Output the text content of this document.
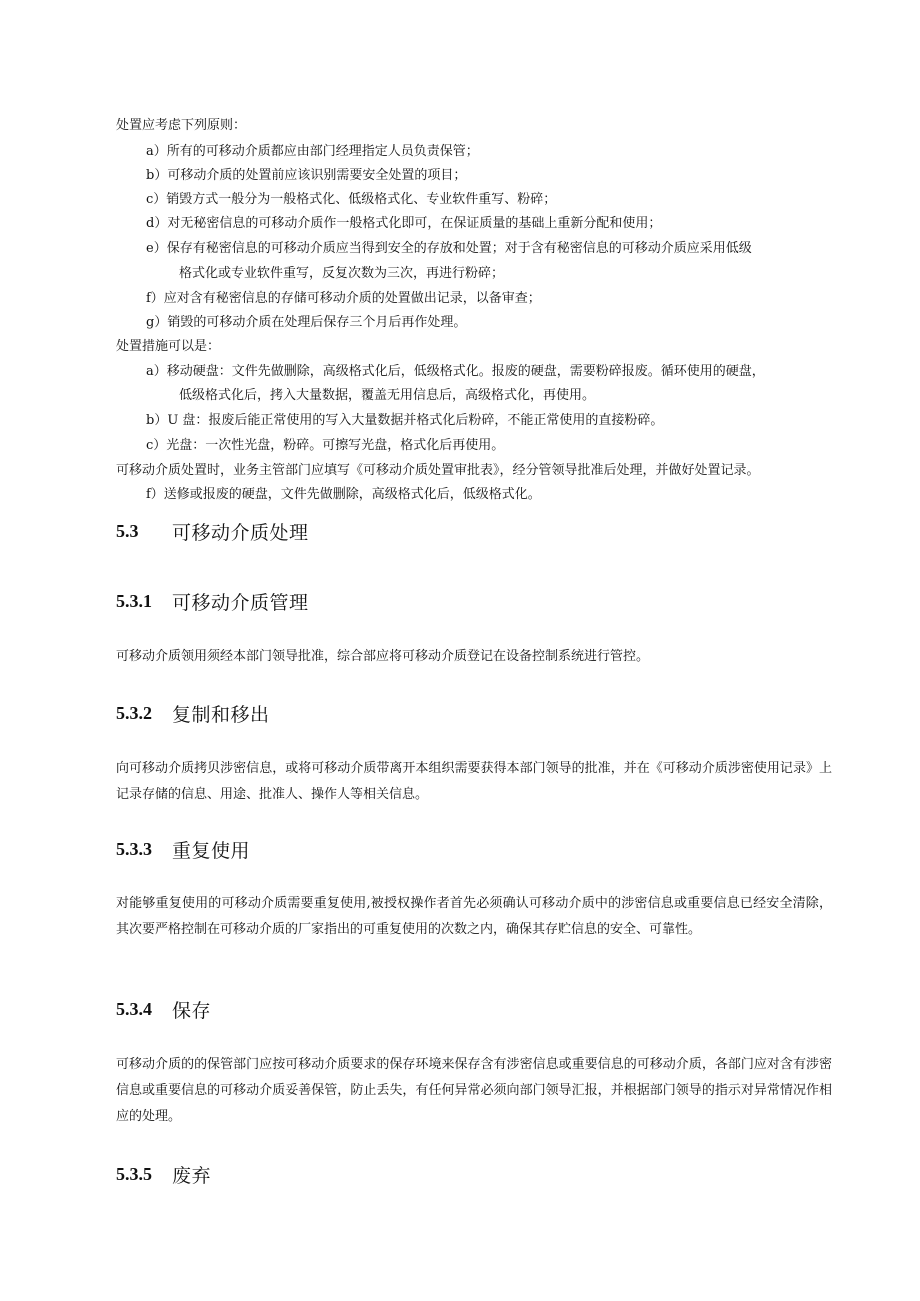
处置应考虑下列原则：
a）所有的可移动介质都应由部门经理指定人员负责保管；
b）可移动介质的处置前应该识别需要安全处置的项目；
c）销毁方式一般分为一般格式化、低级格式化、专业软件重写、粉碎；
d）对无秘密信息的可移动介质作一般格式化即可，在保证质量的基础上重新分配和使用；
e）保存有秘密信息的可移动介质应当得到安全的存放和处置；对于含有秘密信息的可移动介质应采用低级
格式化或专业软件重写，反复次数为三次，再进行粉碎；
f）应对含有秘密信息的存储可移动介质的处置做出记录，以备审查；
g）销毁的可移动介质在处理后保存三个月后再作处理。
处置措施可以是：
a）移动硬盘：文件先做删除，高级格式化后，低级格式化。报废的硬盘，需要粉碎报废。循环使用的硬盘，
低级格式化后，拷入大量数据，覆盖无用信息后，高级格式化，再使用。
b）U 盘：报废后能正常使用的写入大量数据并格式化后粉碎，不能正常使用的直接粉碎。
c）光盘：一次性光盘，粉碎。可擦写光盘，格式化后再使用。
可移动介质处置时，业务主管部门应填写《可移动介质处置审批表》，经分管领导批准后处理，并做好处置记录。
f）送修或报废的硬盘，文件先做删除，高级格式化后，低级格式化。
5.3	可移动介质处理
5.3.1	可移动介质管理
可移动介质领用须经本部门领导批准，综合部应将可移动介质登记在设备控制系统进行管控。
5.3.2	复制和移出
向可移动介质拷贝涉密信息，或将可移动介质带离开本组织需要获得本部门领导的批准，并在《可移动介质涉密使用记录》上记录存储的信息、用途、批准人、操作人等相关信息。
5.3.3	重复使用
对能够重复使用的可移动介质需要重复使用,被授权操作者首先必须确认可移动介质中的涉密信息或重要信息已经安全清除，其次要严格控制在可移动介质的厂家指出的可重复使用的次数之内，确保其存贮信息的安全、可靠性。
5.3.4	保存
可移动介质的的保管部门应按可移动介质要求的保存环境来保存含有涉密信息或重要信息的可移动介质，各部门应对含有涉密信息或重要信息的可移动介质妥善保管，防止丢失，有任何异常必须向部门领导汇报，并根据部门领导的指示对异常情况作相应的处理。
5.3.5	废弃
